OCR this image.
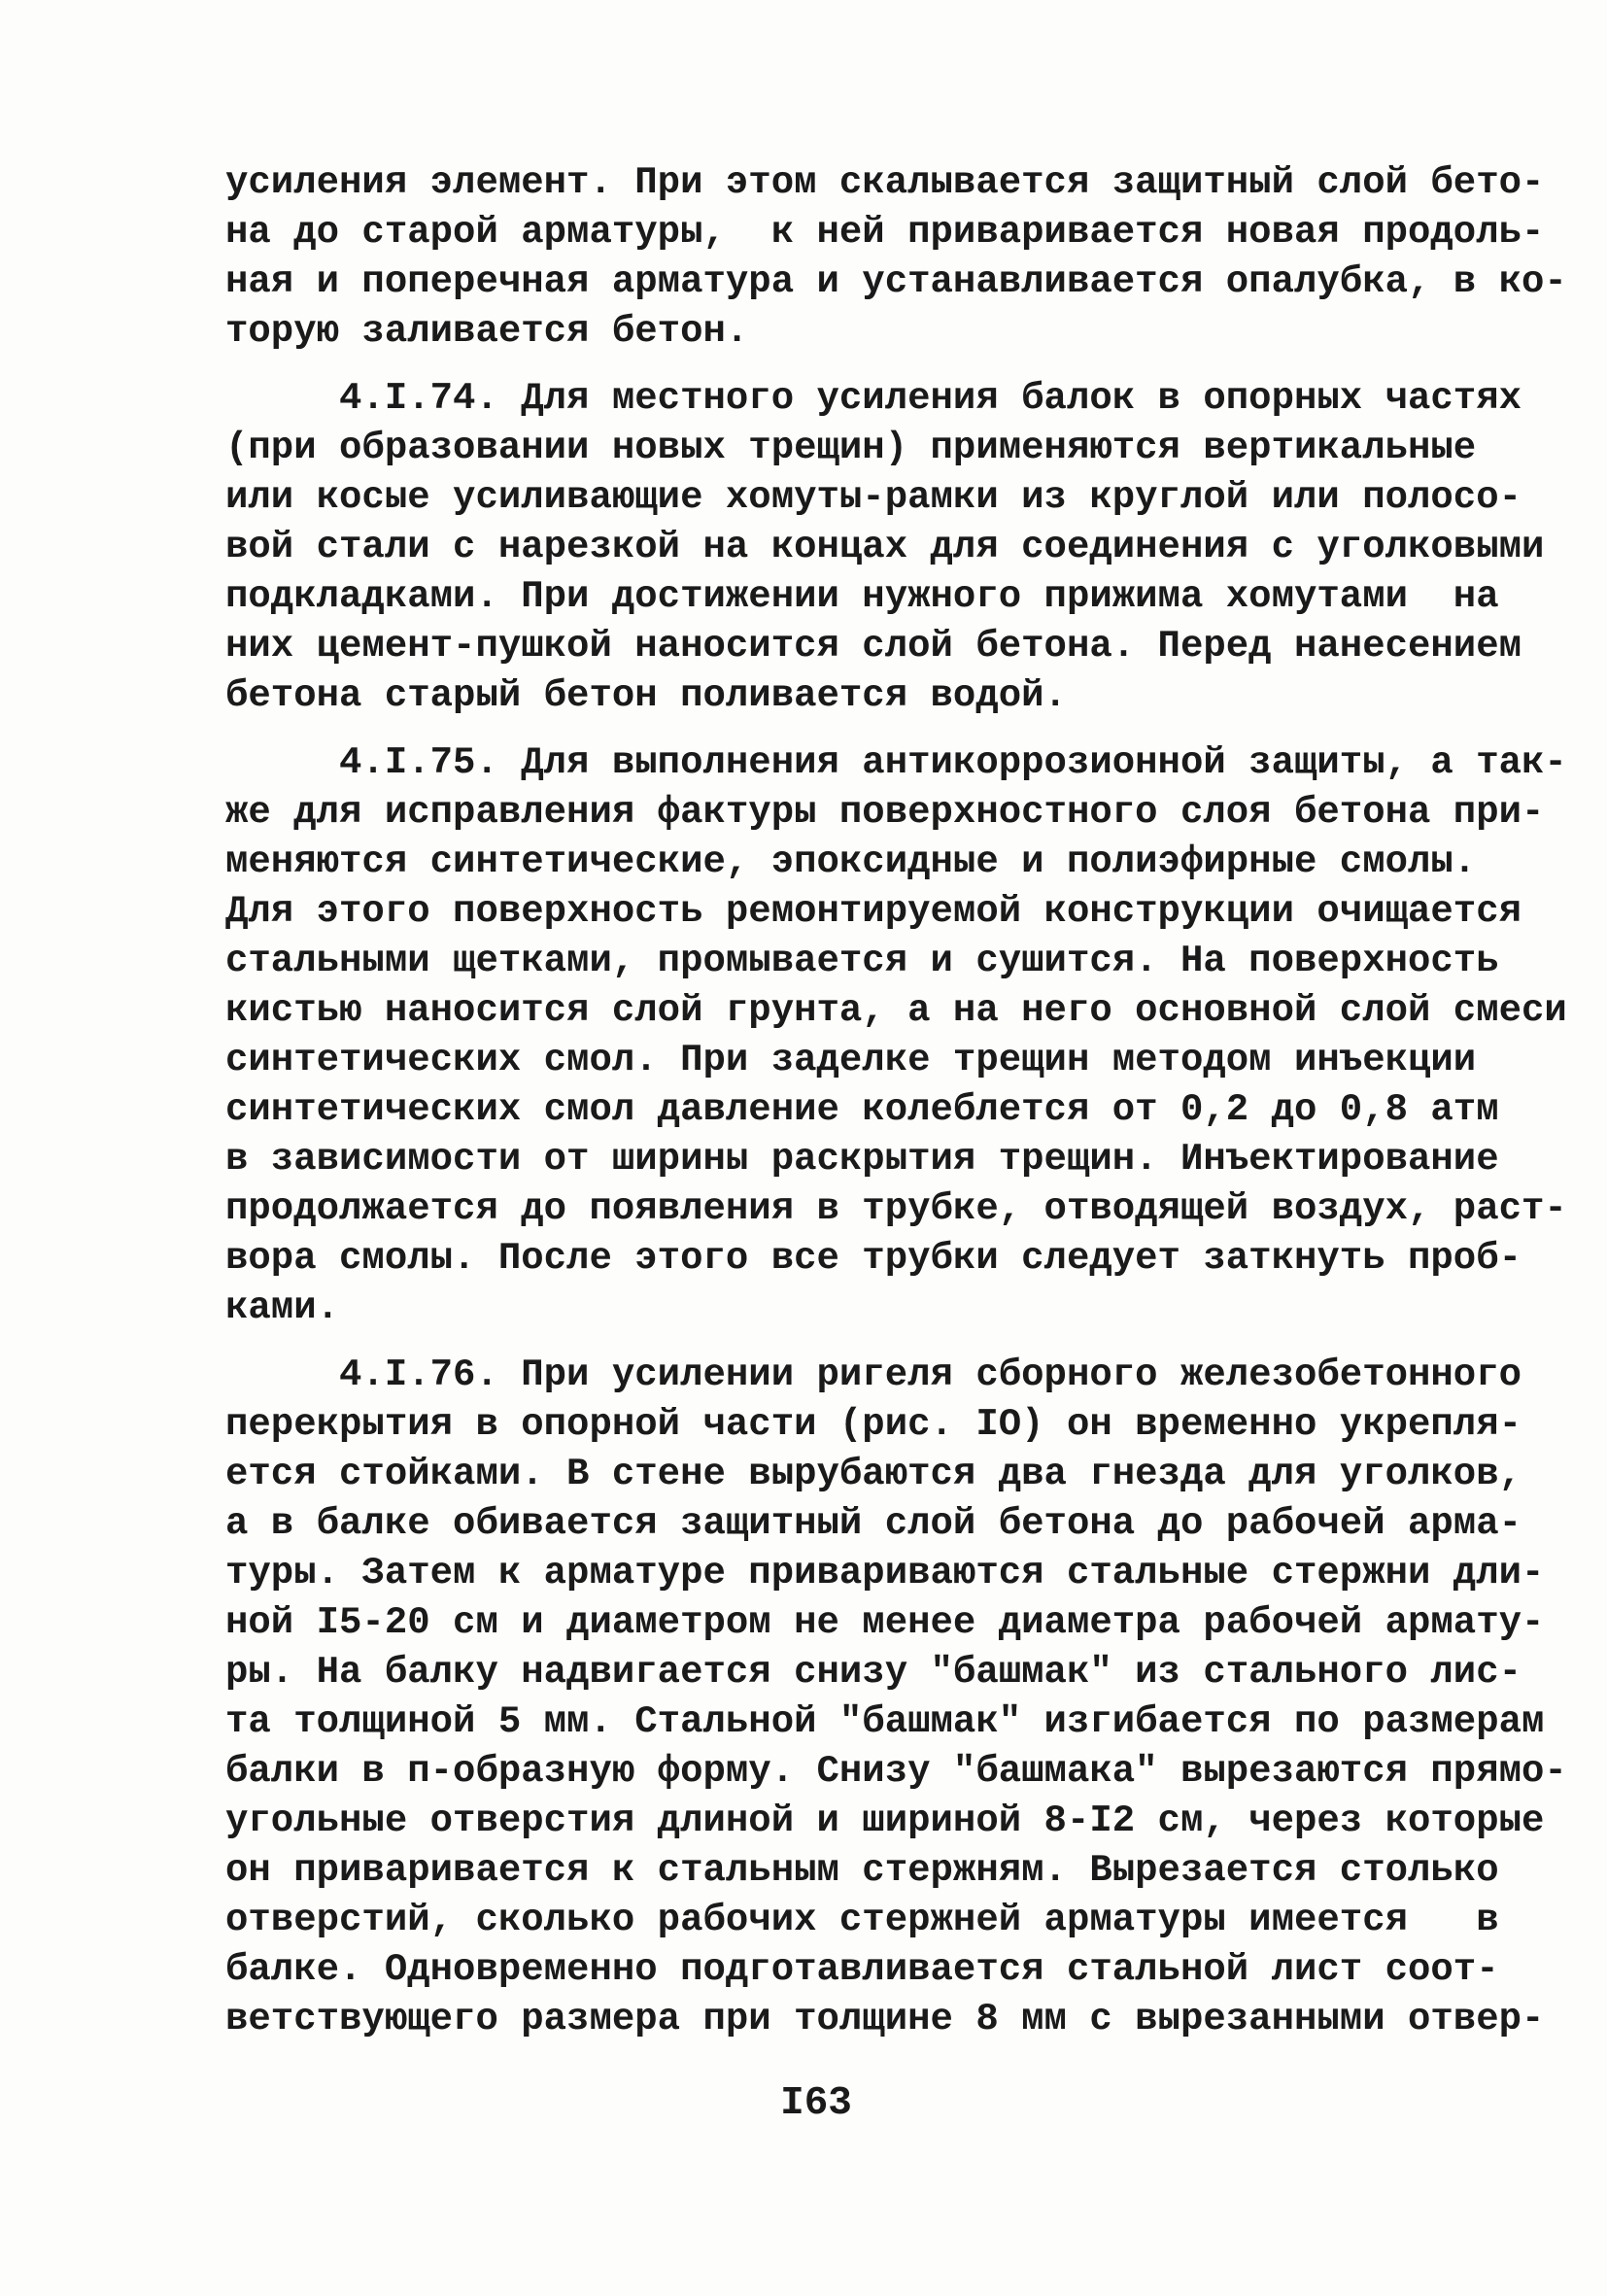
усиления элемент. При этом скалывается защитный слой бето-
на до старой арматуры,  к ней приваривается новая продоль-
ная и поперечная арматура и устанавливается опалубка, в ко-
торую заливается бетон.
4.I.74. Для местного усиления балок в опорных частях
(при образовании новых трещин) применяются вертикальные
или косые усиливающие хомуты-рамки из круглой или полосо-
вой стали с нарезкой на концах для соединения с уголковыми
подкладками. При достижении нужного прижима хомутами  на
них цемент-пушкой наносится слой бетона. Перед нанесением
бетона старый бетон поливается водой.
4.I.75. Для выполнения антикоррозионной защиты, а так-
же для исправления фактуры поверхностного слоя бетона при-
меняются синтетические, эпоксидные и полиэфирные смолы.
Для этого поверхность ремонтируемой конструкции очищается
стальными щетками, промывается и сушится. На поверхность
кистью наносится слой грунта, а на него основной слой смеси
синтетических смол. При заделке трещин методом инъекции
синтетических смол давление колеблется от 0,2 до 0,8 атм
в зависимости от ширины раскрытия трещин. Инъектирование
продолжается до появления в трубке, отводящей воздух, раст-
вора смолы. После этого все трубки следует заткнуть проб-
ками.
4.I.76. При усилении ригеля сборного железобетонного
перекрытия в опорной части (рис. IO) он временно укрепля-
ется стойками. В стене вырубаются два гнезда для уголков,
а в балке обивается защитный слой бетона до рабочей арма-
туры. Затем к арматуре привариваются стальные стержни дли-
ной I5-20 см и диаметром не менее диаметра рабочей армату-
ры. На балку надвигается снизу "башмак" из стального лис-
та толщиной 5 мм. Стальной "башмак" изгибается по размерам
балки в п-образную форму. Снизу "башмака" вырезаются прямо-
угольные отверстия длиной и шириной 8-I2 см, через которые
он приваривается к стальным стержням. Вырезается столько
отверстий, сколько рабочих стержней арматуры имеется   в
балке. Одновременно подготавливается стальной лист соот-
ветствующего размера при толщине 8 мм с вырезанными отвер-
I63
